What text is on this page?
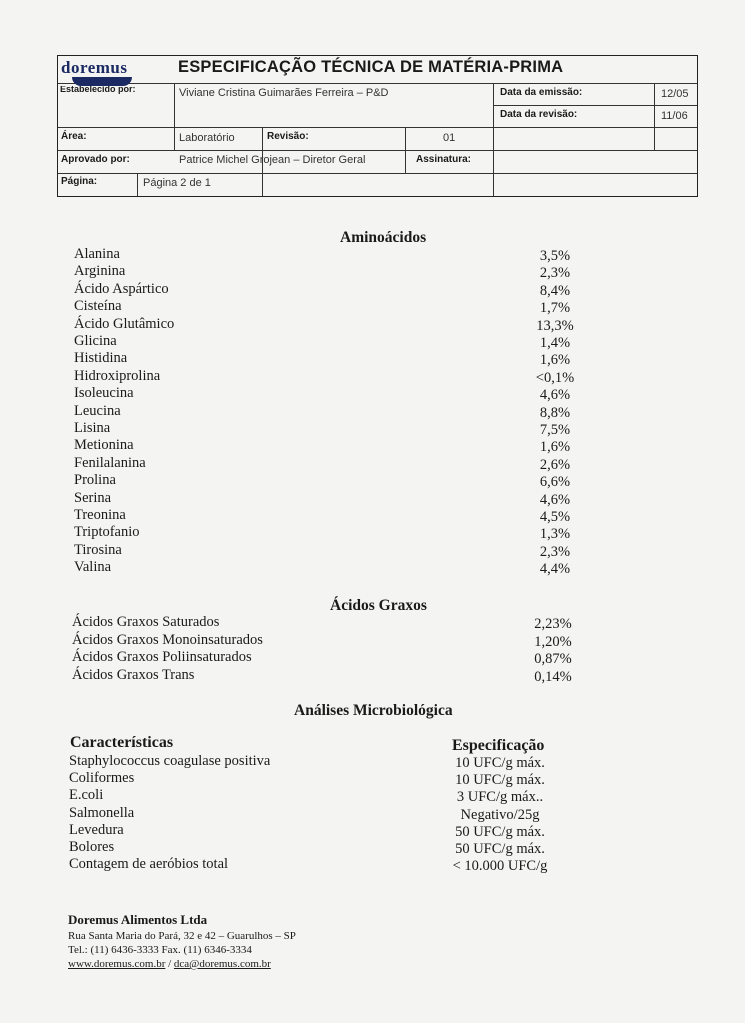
doremus	ESPECIFICAÇÃO TÉCNICA DE MATÉRIA-PRIMA
Estabelecido por:	Viviane Cristina Guimarães Ferreira – P&D	Data da emissão:	12/05
Data da revisão:	11/06
Área:	Laboratório	Revisão:	01
Aprovado por:	Patrice Michel Grojean – Diretor Geral	Assinatura:
Página:	Página 2 de 1
Aminoácidos
Alanina	3,5%
Arginina	2,3%
Ácido Aspártico	8,4%
Cisteína	1,7%
Ácido Glutâmico	13,3%
Glicina	1,4%
Histidina	1,6%
Hidroxiprolina	<0,1%
Isoleucina	4,6%
Leucina	8,8%
Lisina	7,5%
Metionina	1,6%
Fenilalanina	2,6%
Prolina	6,6%
Serina	4,6%
Treonina	4,5%
Triptofanio	1,3%
Tirosina	2,3%
Valina	4,4%
Ácidos Graxos
Ácidos Graxos Saturados	2,23%
Ácidos Graxos Monoinsaturados	1,20%
Ácidos Graxos Poliinsaturados	0,87%
Ácidos Graxos Trans	0,14%
Análises Microbiológica
Características	Especificação
Staphylococcus coagulase positiva	10 UFC/g máx.
Coliformes	10 UFC/g máx.
E.coli	3 UFC/g máx..
Salmonella	Negativo/25g
Levedura	50 UFC/g máx.
Bolores	50 UFC/g máx.
Contagem de aeróbios total	< 10.000 UFC/g
Doremus Alimentos Ltda
Rua Santa Maria do Pará, 32 e 42 – Guarulhos – SP
Tel.: (11) 6436-3333 Fax. (11) 6346-3334
www.doremus.com.br / dca@doremus.com.br
